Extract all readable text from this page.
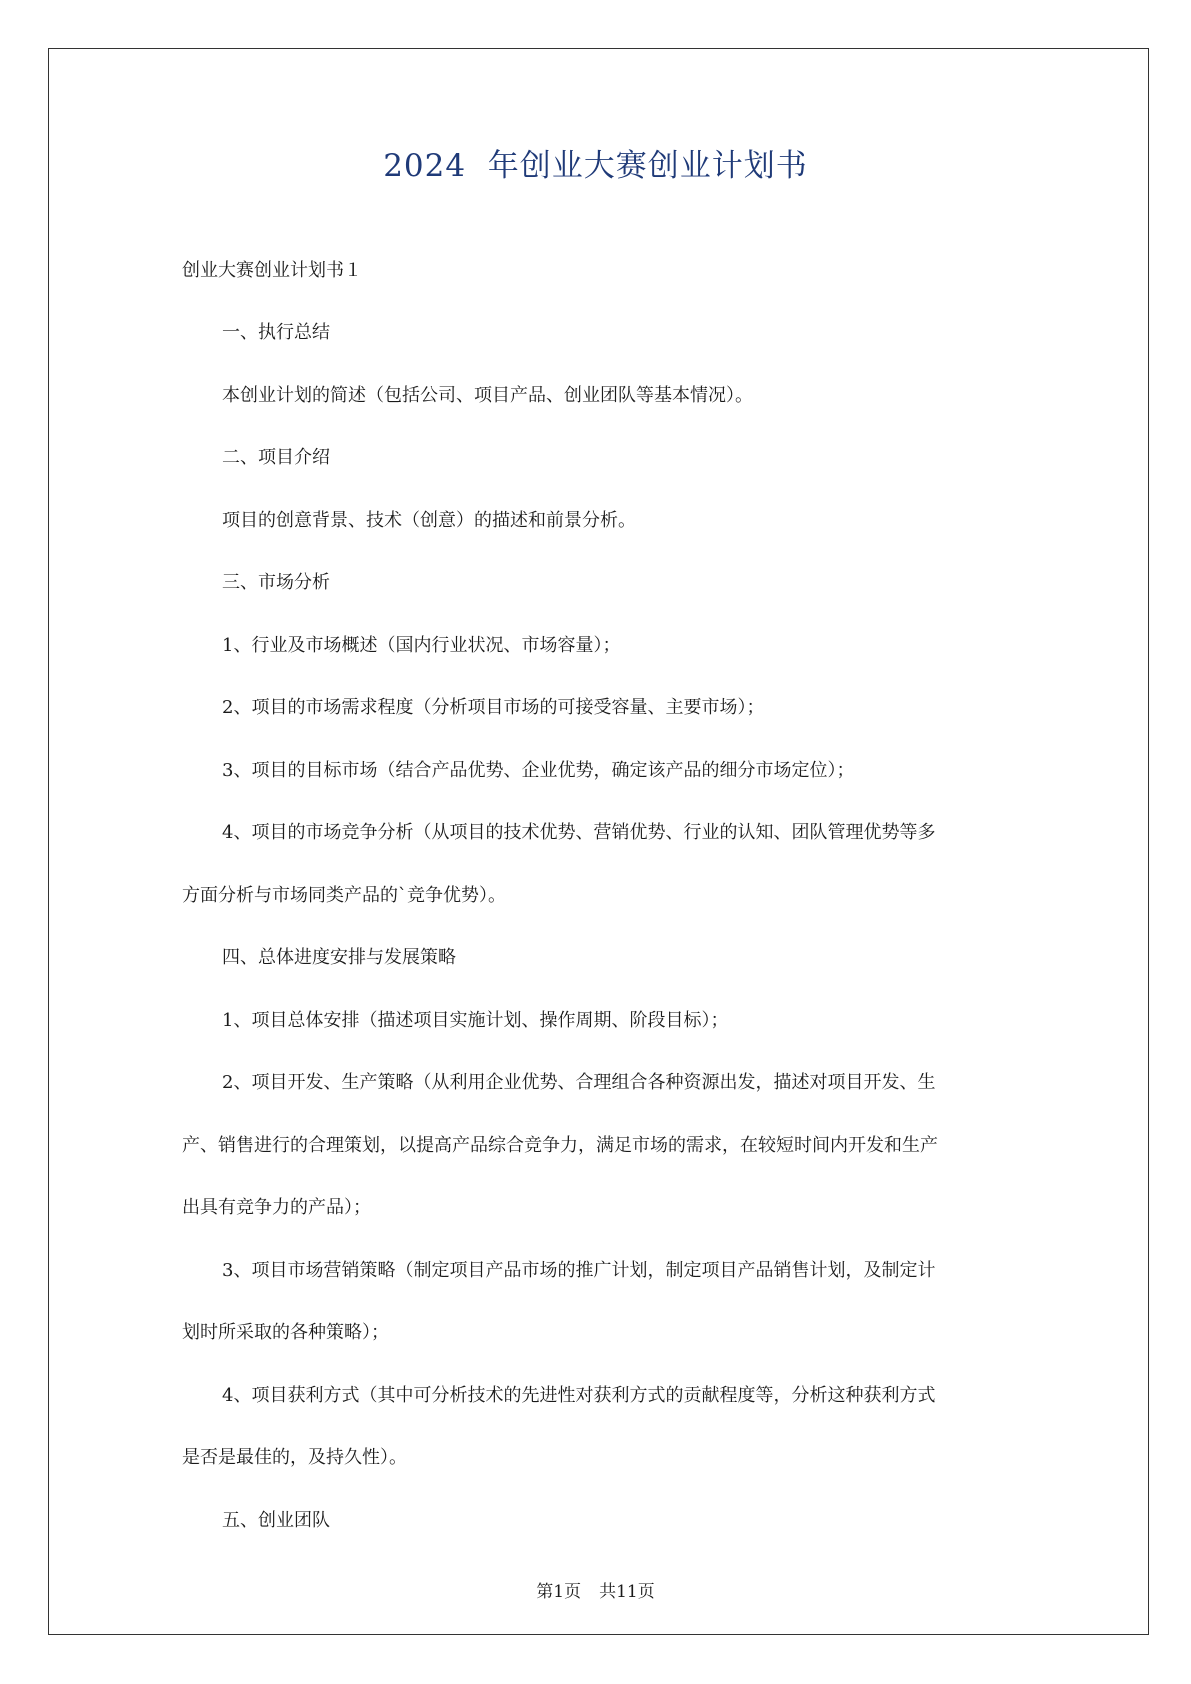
2024  年创业大赛创业计划书
创业大赛创业计划书１
一、执行总结
本创业计划的简述（包括公司、项目产品、创业团队等基本情况）。
二、项目介绍
项目的创意背景、技术（创意）的描述和前景分析。
三、市场分析
1、行业及市场概述（国内行业状况、市场容量）；
2、项目的市场需求程度（分析项目市场的可接受容量、主要市场）；
3、项目的目标市场（结合产品优势、企业优势，确定该产品的细分市场定位）；
4、项目的市场竞争分析（从项目的技术优势、营销优势、行业的认知、团队管理优势等多
方面分析与市场同类产品的`竞争优势）。
四、总体进度安排与发展策略
1、项目总体安排（描述项目实施计划、操作周期、阶段目标）；
2、项目开发、生产策略（从利用企业优势、合理组合各种资源出发，描述对项目开发、生
产、销售进行的合理策划，以提高产品综合竞争力，满足市场的需求，在较短时间内开发和生产
出具有竞争力的产品）；
3、项目市场营销策略（制定项目产品市场的推广计划，制定项目产品销售计划，及制定计
划时所采取的各种策略）；
4、项目获利方式（其中可分析技术的先进性对获利方式的贡献程度等，分析这种获利方式
是否是最佳的，及持久性）。
五、创业团队
第1页 共11页
